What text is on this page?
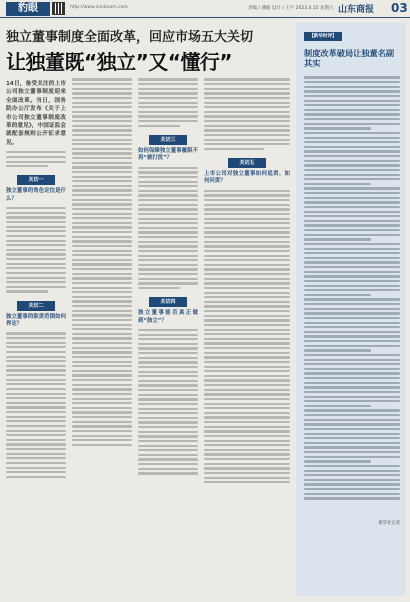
豹眼	http://www.sunbeam.com	责编 / 潘敏 设计 / 王宇 2023.4.15 星期六 山东商报 03
独立董事制度全面改革，回应市场五大关切
让独董既“独立”又“懂行”
14日，备受关注的上市公司独立董事制度迎来全面改革。当日，国务院办公厅发布《关于上市公司独立董事制度改革的意见》，中国证监会就配套规则公开征求意见。
关切一
独立董事的角色定位是什么？
关切二
独立董事的职责范围如何界定？
关切三
如何保障独立董事履职不再“被打扰”？
关切四
独立董事能否真正做到“独立”？
关切五
上市公司对独立董事如何追责、如何问责？
【新华时评】
制度改革破局让独董名副其实
新华社记者
